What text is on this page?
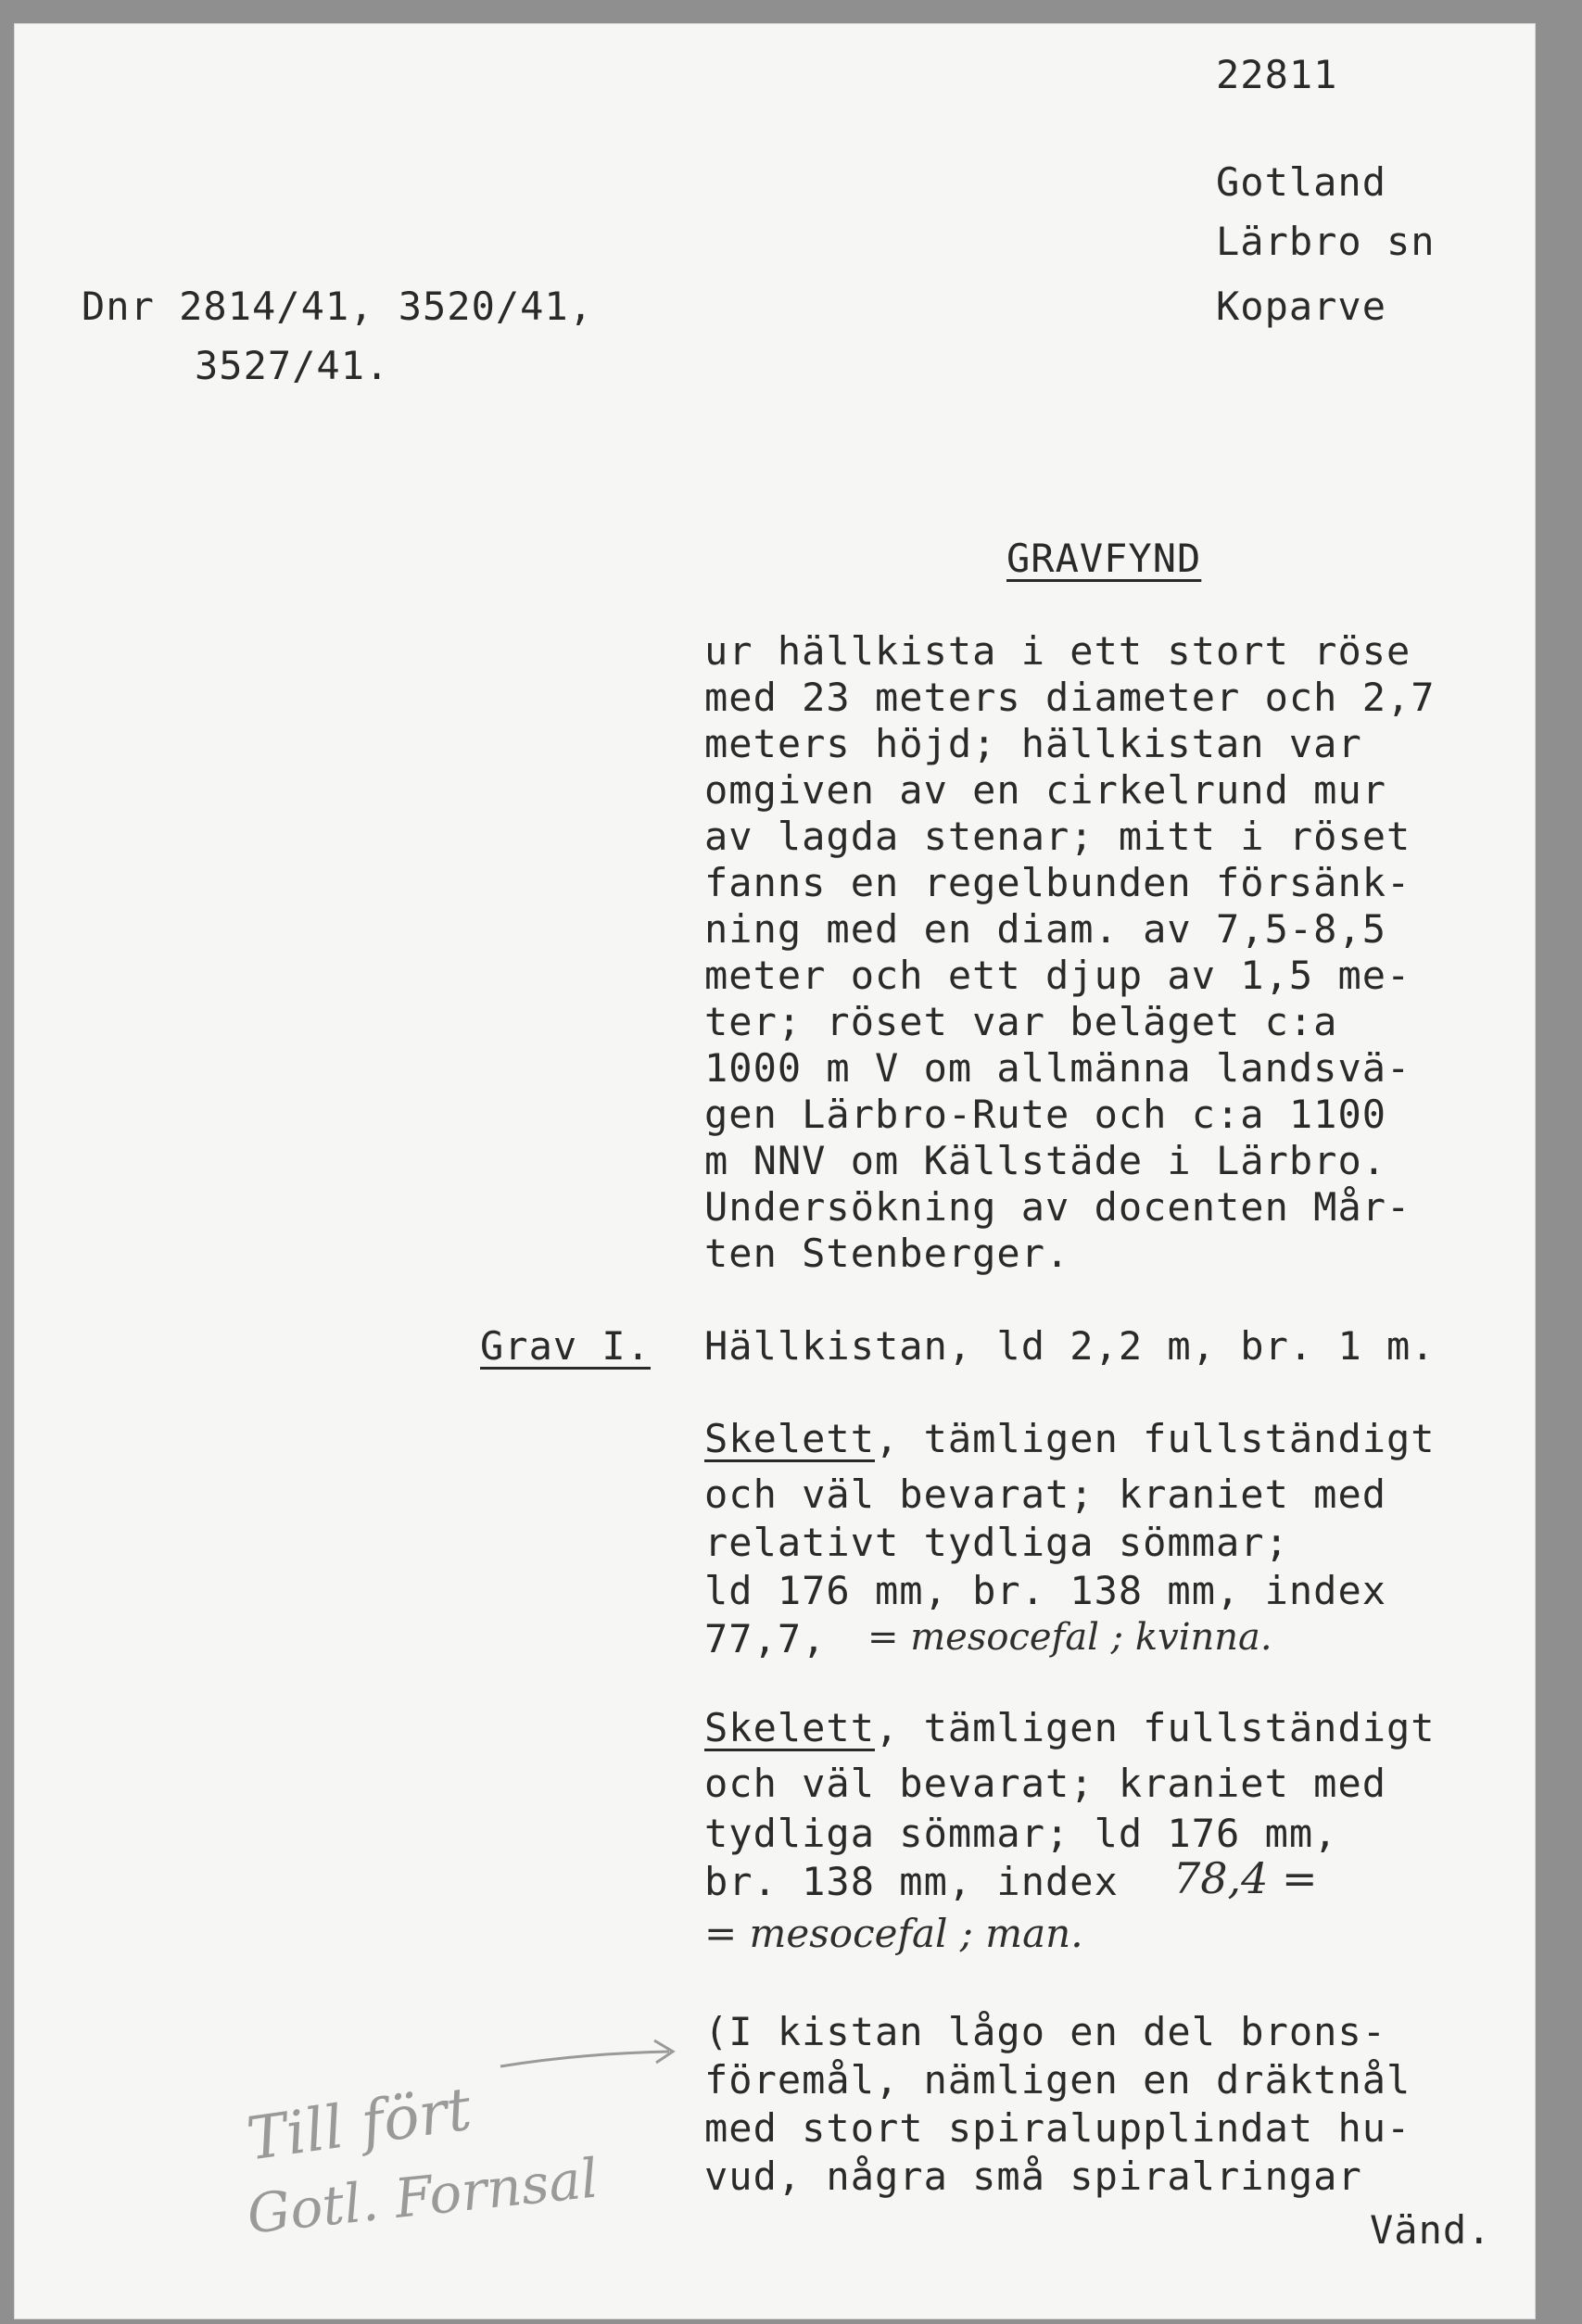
22811
Gotland
Lärbro sn
Koparve
Dnr 2814/41, 3520/41,
3527/41.
GRAVFYND
ur hällkista i ett stort röse
med 23 meters diameter och 2,7
meters höjd; hällkistan var
omgiven av en cirkelrund mur
av lagda stenar; mitt i röset
fanns en regelbunden försänk-
ning med en diam. av 7,5-8,5
meter och ett djup av 1,5 me-
ter; röset var beläget c:a
1000 m V om allmänna landsvä-
gen Lärbro-Rute och c:a 1100
m NNV om Källstäde i Lärbro.
Undersökning av docenten Mår-
ten Stenberger.
Grav I. Hällkistan, ld 2,2 m, br. 1 m.
Skelett, tämligen fullständigt
och väl bevarat; kraniet med
relativt tydliga sömmar;
ld 176 mm, br. 138 mm, index
77,7, = mesocefal ; kvinna.
Skelett, tämligen fullständigt
och väl bevarat; kraniet med
tydliga sömmar; ld 176 mm,
br. 138 mm, index 78,4 =
= mesocefal ; man.
(I kistan lågo en del brons-
föremål, nämligen en dräktnål
med stort spiralupplindat hu-
vud, några små spiralringar
Vänd.
Till fört
Gotl. Fornsal
